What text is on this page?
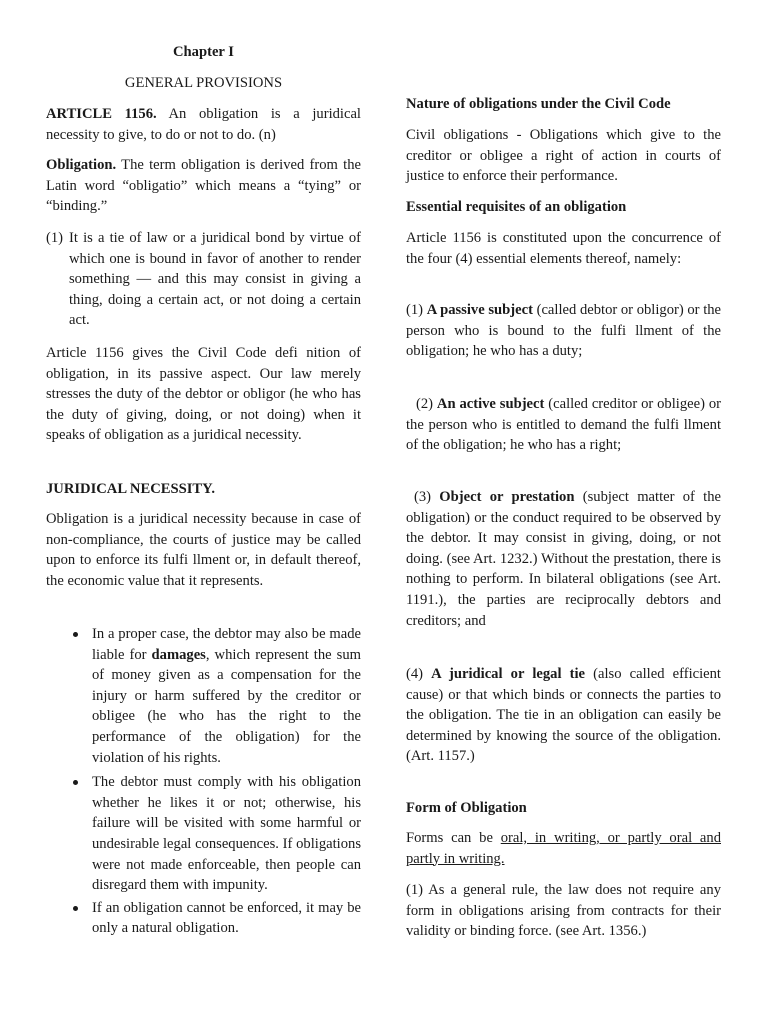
Chapter I

GENERAL PROVISIONS

ARTICLE 1156. An obligation is a juridical necessity to give, to do or not to do. (n)

Obligation. The term obligation is derived from the Latin word “obligatio” which means a “tying” or “binding.”

(1) It is a tie of law or a juridical bond by virtue of which one is bound in favor of another to render something — and this may consist in giving a thing, doing a certain act, or not doing a certain act.

Article 1156 gives the Civil Code defi nition of obligation, in its passive aspect. Our law merely stresses the duty of the debtor or obligor (he who has the duty of giving, doing, or not doing) when it speaks of obligation as a juridical necessity.

JURIDICAL NECESSITY.

Obligation is a juridical necessity because in case of non-compliance, the courts of justice may be called upon to enforce its fulfi llment or, in default thereof, the economic value that it represents.

In a proper case, the debtor may also be made liable for damages, which represent the sum of money given as a compensation for the injury or harm suffered by the creditor or obligee (he who has the right to the performance of the obligation) for the violation of his rights.
The debtor must comply with his obligation whether he likes it or not; otherwise, his failure will be visited with some harmful or undesirable legal consequences. If obligations were not made enforceable, then people can disregard them with impunity.
If an obligation cannot be enforced, it may be only a natural obligation.

Nature of obligations under the Civil Code

Civil obligations - Obligations which give to the creditor or obligee a right of action in courts of justice to enforce their performance.

Essential requisites of an obligation

Article 1156 is constituted upon the concurrence of the four (4) essential elements thereof, namely:

(1) A passive subject (called debtor or obligor) or the person who is bound to the fulfi llment of the obligation; he who has a duty;

(2) An active subject (called creditor or obligee) or the person who is entitled to demand the fulfi llment of the obligation; he who has a right;

(3) Object or prestation (subject matter of the obligation) or the conduct required to be observed by the debtor. It may consist in giving, doing, or not doing. (see Art. 1232.) Without the prestation, there is nothing to perform. In bilateral obligations (see Art. 1191.), the parties are reciprocally debtors and creditors; and

(4) A juridical or legal tie (also called efficient cause) or that which binds or connects the parties to the obligation. The tie in an obligation can easily be determined by knowing the source of the obligation. (Art. 1157.)

Form of Obligation

Forms can be oral, in writing, or partly oral and partly in writing.

(1) As a general rule, the law does not require any form in obligations arising from contracts for their validity or binding force. (see Art. 1356.)
